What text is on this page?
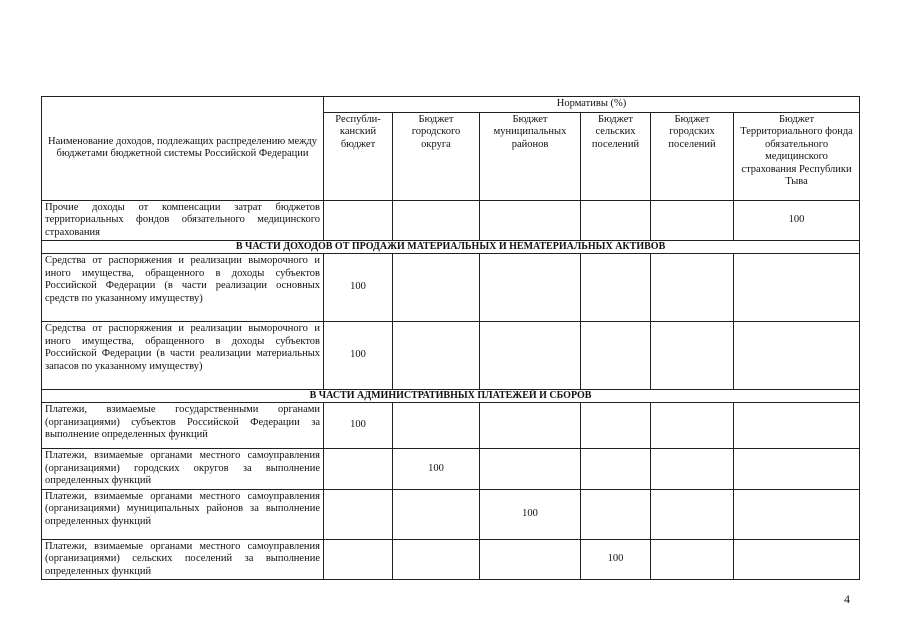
Наименование доходов, подлежащих распределению между бюджетами бюджетной системы Российской Федерации	Нормативы (%)					
	Республи-канский бюджет	Бюджет городского округа	Бюджет муниципальных районов	Бюджет сельских поселений	Бюджет городских поселений	Бюджет Территориального фонда обязательного медицинского страхования Республики Тыва
Прочие доходы от компенсации затрат бюджетов территориальных фондов обязательного медицинского страхования						100
В ЧАСТИ ДОХОДОВ ОТ ПРОДАЖИ МАТЕРИАЛЬНЫХ И НЕМАТЕРИАЛЬНЫХ АКТИВОВ						
Средства от распоряжения и реализации выморочного и иного имущества, обращенного в доходы субъектов Российской Федерации (в части реализации основных средств по указанному имуществу)	100					
Средства от распоряжения и реализации выморочного и иного имущества, обращенного в доходы субъектов Российской Федерации (в части реализации материальных запасов по указанному имуществу)	100					
В ЧАСТИ АДМИНИСТРАТИВНЫХ ПЛАТЕЖЕЙ И СБОРОВ						
Платежи, взимаемые государственными органами (организациями) субъектов Российской Федерации за выполнение определенных функций	100					
Платежи, взимаемые органами местного самоуправления (организациями) городских округов за выполнение определенных функций		100				
Платежи, взимаемые органами местного самоуправления (организациями) муниципальных районов за выполнение определенных функций			100			
Платежи, взимаемые органами местного самоуправления (организациями) сельских поселений за выполнение определенных функций				100		
4
